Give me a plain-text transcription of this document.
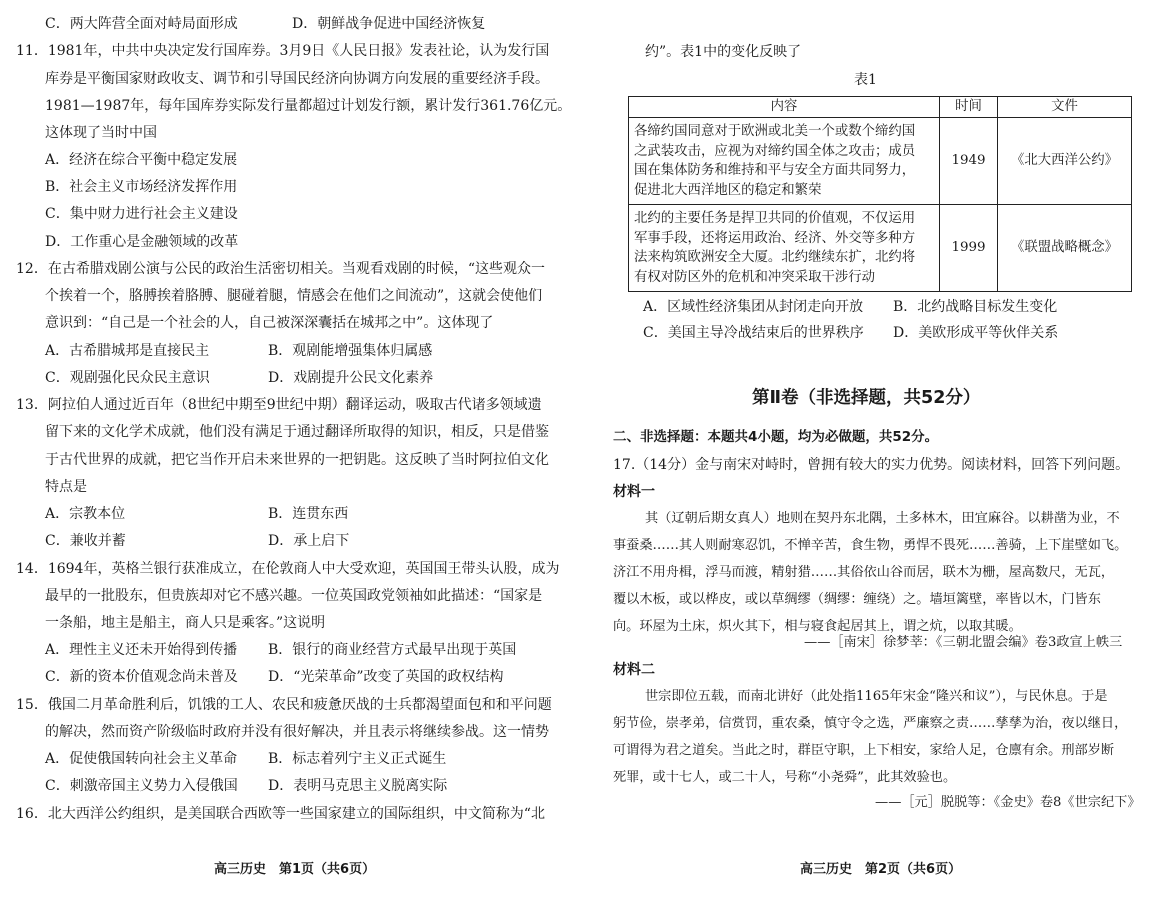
C．两大阵营全面对峙局面形成	D．朝鲜战争促进中国经济恢复
11．1981年，中共中央决定发行国库券。3月9日《人民日报》发表社论，认为发行国
库券是平衡国家财政收支、调节和引导国民经济向协调方向发展的重要经济手段。
1981—1987年，每年国库券实际发行量都超过计划发行额，累计发行361.76亿元。
这体现了当时中国
A．经济在综合平衡中稳定发展
B．社会主义市场经济发挥作用
C．集中财力进行社会主义建设
D．工作重心是金融领域的改革
12．在古希腊戏剧公演与公民的政治生活密切相关。当观看戏剧的时候，“这些观众一
个挨着一个，胳膊挨着胳膊、腿碰着腿，情感会在他们之间流动”，这就会使他们
意识到：“自己是一个社会的人，自己被深深囊括在城邦之中”。这体现了
A．古希腊城邦是直接民主	B．观剧能增强集体归属感
C．观剧强化民众民主意识	D．戏剧提升公民文化素养
13．阿拉伯人通过近百年（8世纪中期至9世纪中期）翻译运动，吸取古代诸多领域遗
留下来的文化学术成就，他们没有满足于通过翻译所取得的知识，相反，只是借鉴
于古代世界的成就，把它当作开启未来世界的一把钥匙。这反映了当时阿拉伯文化
特点是
A．宗教本位	B．连贯东西
C．兼收并蓄	D．承上启下
14．1694年，英格兰银行获准成立，在伦敦商人中大受欢迎，英国国王带头认股，成为
最早的一批股东，但贵族却对它不感兴趣。一位英国政党领袖如此描述：“国家是
一条船，地主是船主，商人只是乘客。”这说明
A．理性主义还未开始得到传播 B．银行的商业经营方式最早出现于英国
C．新的资本价值观念尚未普及 D．“光荣革命”改变了英国的政权结构
15．俄国二月革命胜利后，饥饿的工人、农民和疲惫厌战的士兵都渴望面包和和平问题
的解决，然而资产阶级临时政府并没有很好解决，并且表示将继续参战。这一情势
A．促使俄国转向社会主义革命 B．标志着列宁主义正式诞生
C．刺激帝国主义势力入侵俄国 D．表明马克思主义脱离实际
16．北大西洋公约组织，是美国联合西欧等一些国家建立的国际组织，中文简称为“北
高三历史　第1页（共6页）
约”。表1中的变化反映了
表1
内容	时间	文件

各缔约国同意对于欧洲或北美一个或数个缔约国
之武装攻击，应视为对缔约国全体之攻击；成员
国在集体防务和维持和平与安全方面共同努力，
促进北大西洋地区的稳定和繁荣	1949	《北大西洋公约》

北约的主要任务是捍卫共同的价值观，不仅运用
军事手段，还将运用政治、经济、外交等多种方
法来构筑欧洲安全大厦。北约继续东扩，北约将
有权对防区外的危机和冲突采取干涉行动	1999	《联盟战略概念》
A．区域性经济集团从封闭走向开放 B．北约战略目标发生变化
C．美国主导冷战结束后的世界秩序 D．美欧形成平等伙伴关系
第Ⅱ卷（非选择题，共52分）
二、非选择题：本题共4小题，均为必做题，共52分。
17.（14分）金与南宋对峙时，曾拥有较大的实力优势。阅读材料，回答下列问题。
材料一
其（辽朝后期女真人）地则在契丹东北隅，土多林木，田宜麻谷。以耕凿为业，不
事蚕桑……其人则耐寒忍饥，不惮辛苦，食生物，勇悍不畏死……善骑，上下崖壁如飞。
济江不用舟楫，浮马而渡，精射猎……其俗依山谷而居，联木为栅，屋高数尺，无瓦，
覆以木板，或以桦皮，或以草绸缪（绸缪：缠绕）之。墙垣篱壁，率皆以木，门皆东
向。环屋为土床，炽火其下，相与寝食起居其上，谓之炕，以取其暖。
——［南宋］徐梦莘：《三朝北盟会编》卷3政宣上帙三
材料二
世宗即位五载，而南北讲好（此处指1165年宋金“隆兴和议”），与民休息。于是
躬节俭，崇孝弟，信赏罚，重农桑，慎守令之选，严廉察之责……孳孳为治，夜以继日，
可谓得为君之道矣。当此之时，群臣守职，上下相安，家给人足，仓廪有余。刑部岁断
死罪，或十七人，或二十人，号称“小尧舜”，此其效验也。
——［元］脱脱等：《金史》卷8《世宗纪下》
高三历史　第2页（共6页）
